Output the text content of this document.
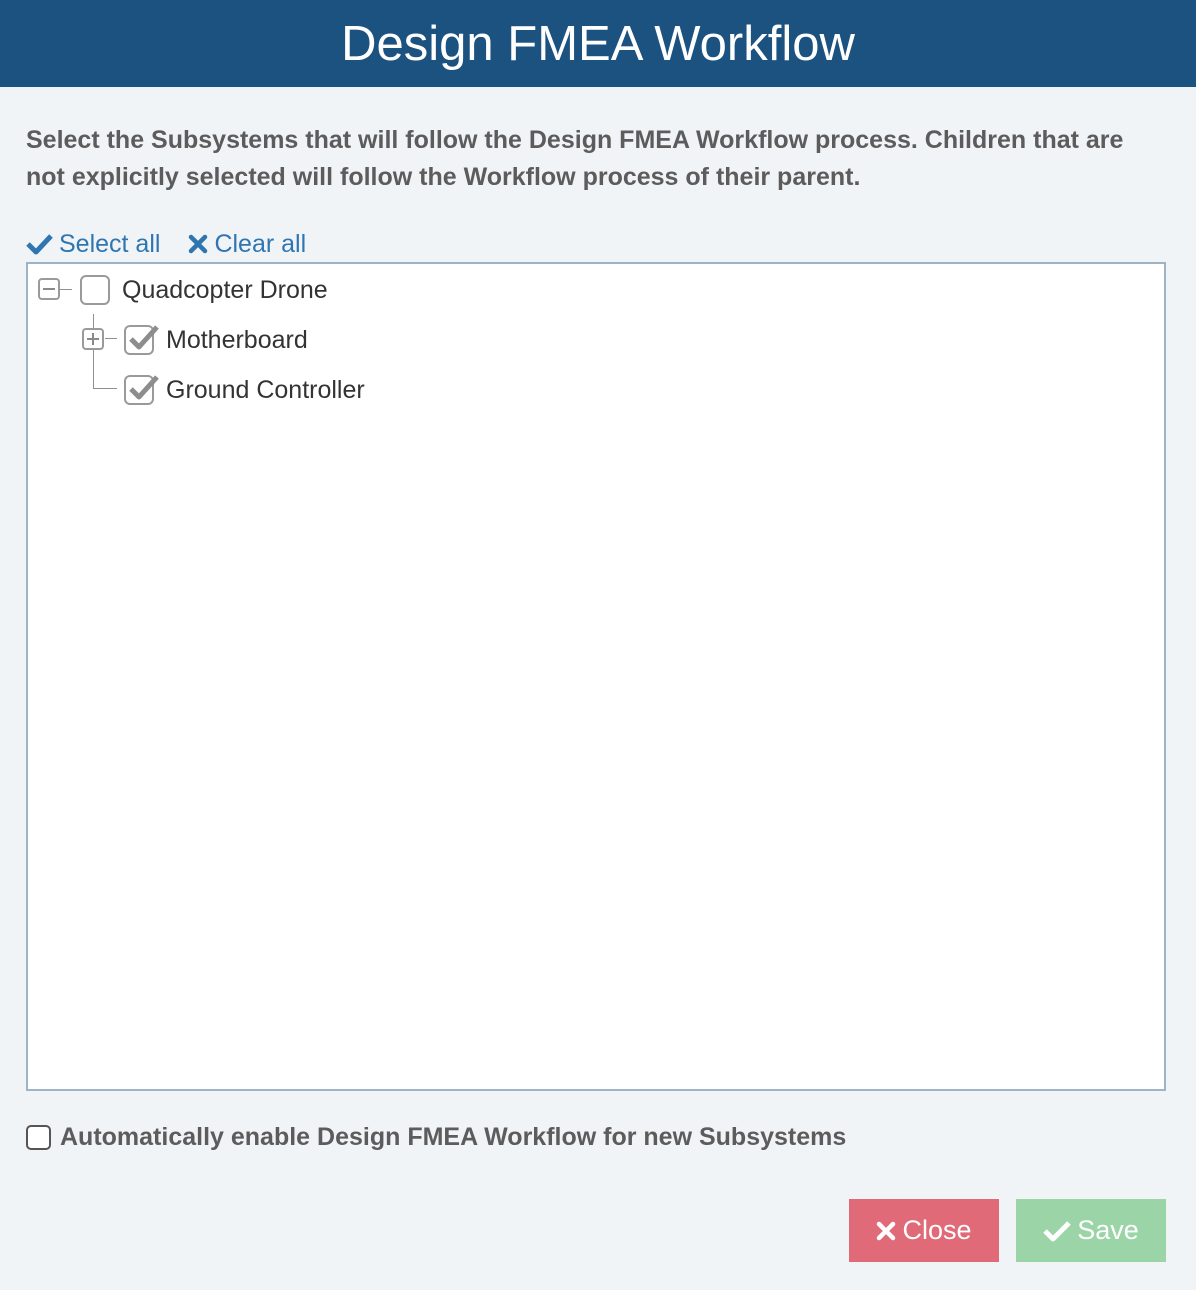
Design FMEA Workflow
Select the Subsystems that will follow the Design FMEA Workflow process. Children that are not explicitly selected will follow the Workflow process of their parent.
Select all Clear all
Quadcopter Drone
Motherboard
Ground Controller
Automatically enable Design FMEA Workflow for new Subsystems
Close	Save
